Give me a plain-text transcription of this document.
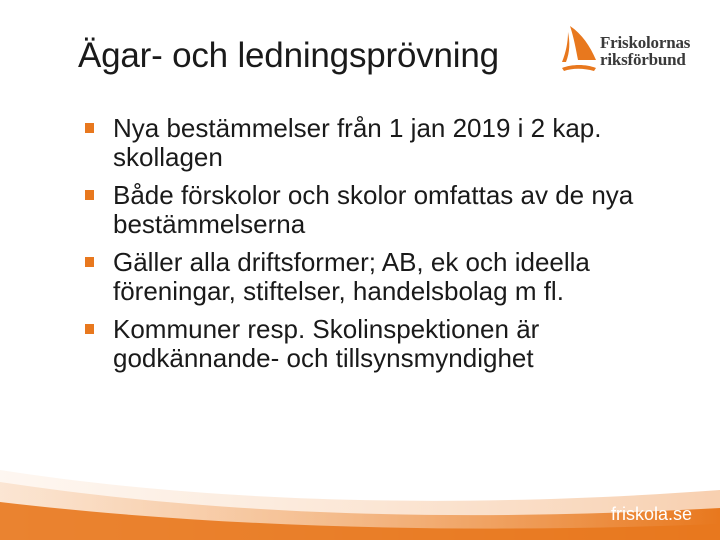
Ägar- och ledningsprövning	Friskolornas
riksförbund
Nya bestämmelser från 1 jan 2019 i 2 kap. skollagen
Både förskolor och skolor omfattas av de nya bestämmelserna
Gäller alla driftsformer; AB, ek och ideella föreningar, stiftelser, handelsbolag m fl.
Kommuner resp. Skolinspektionen är godkännande- och tillsynsmyndighet
friskola.se
